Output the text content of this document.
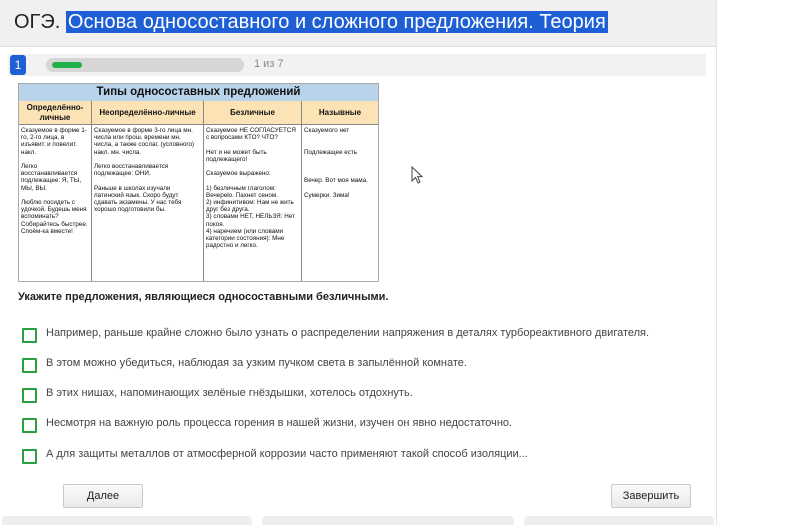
ОГЭ. Основа односоставного и сложного предложения. Теория
1	1 из 7
Типы односоставных предложений
Определённо-
личные
Сказуемое в форме 1-го, 2-го лица, в изъявит. и повелит. накл.

Легко восстанавливается подлежащее: Я, ТЫ, МЫ, ВЫ.

Люблю посидеть с удочкой. Будешь меня вспоминать? Собирайтесь быстрее. Споём-ка вместе!
Неопределённо-личные
Сказуемое в форме 3-го лица мн. числа или прош. времени мн. числа, а также сослаг. (условного) накл. мн. числа.

Легко восстанавливается подлежащее: ОНИ.

Раньше в школах изучали латинский язык. Скоро будут сдавать экзамены. У нас тебя хорошо подготовили бы.
Безличные
Сказуемое НЕ СОГЛАСУЕТСЯ с вопросами КТО? ЧТО?

Нет и не может быть подлежащего!

Сказуемое выражено:

1) безличным глаголом: Вечереło. Пахнет сеном.
2) инфинитивом: Нам не жить друг без друга.
3) словами НЕТ, НЕЛЬЗЯ: Нет покоя.
4) наречием (или словами категории состояния): Мне радостно и легко.
Назывные
Сказуемого нет

Подлежащее есть

Вечер. Вот моя мама.

Сумерки. Зима!
Укажите предложения, являющиеся односоставными безличными.
Например, раньше крайне сложно было узнать о распределении напряжения в деталях турбореактивного двигателя.
В этом можно убедиться, наблюдая за узким пучком света в запылённой комнате.
В этих нишах, напоминающих зелёные гнёздышки, хотелось отдохнуть.
Несмотря на важную роль процесса горения в нашей жизни, изучен он явно недостаточно.
А для защиты металлов от атмосферной коррозии часто применяют такой способ изоляции...
Далее	Завершить
